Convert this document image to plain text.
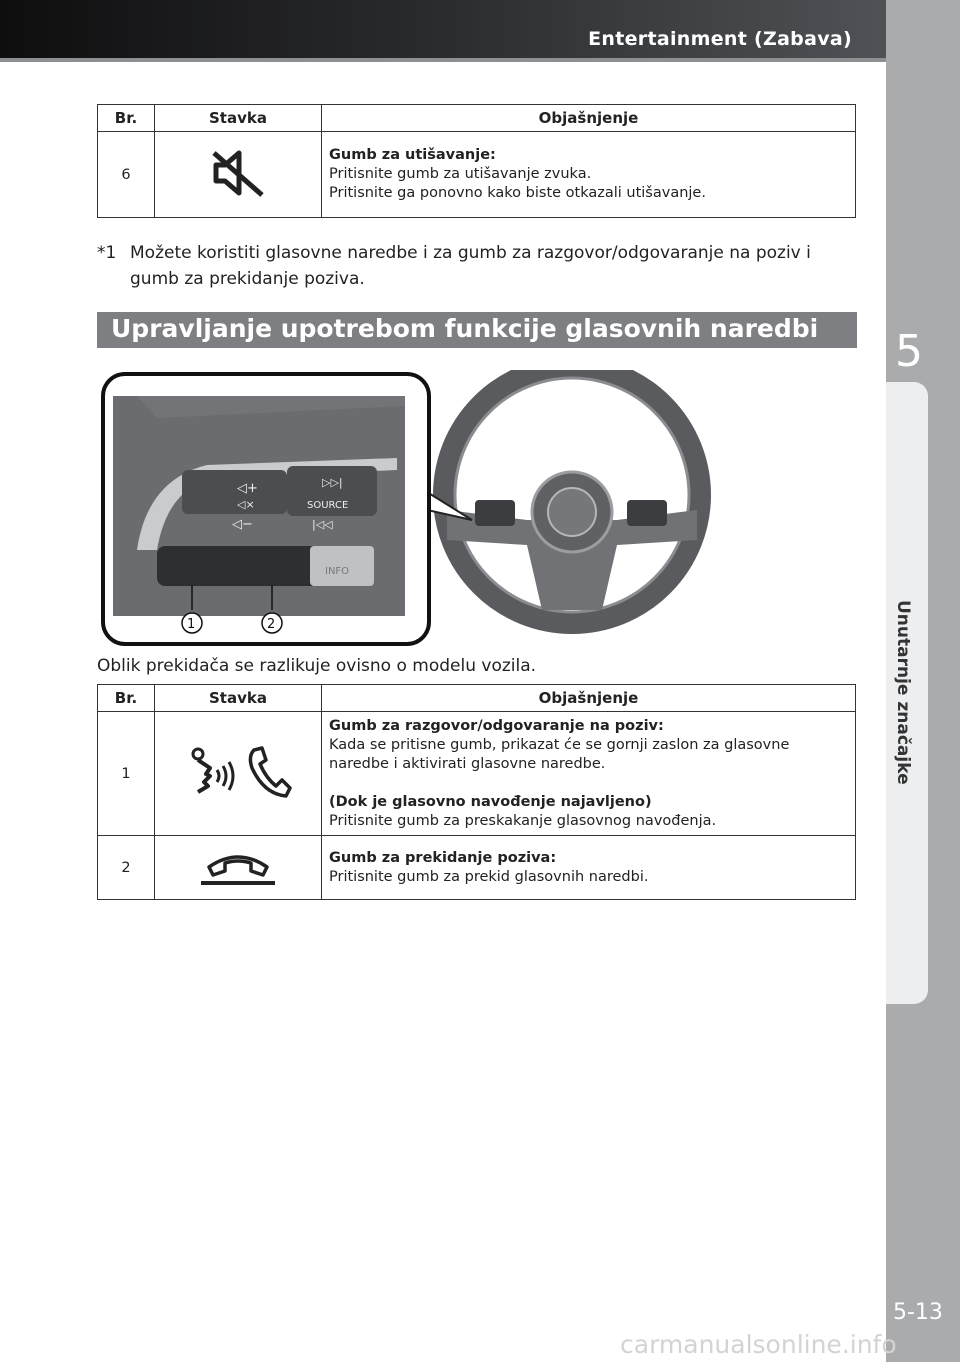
Entertainment (Zabava)
5
Unutarnje značajke
5-13
Br.	Stavka	Objašnjenje
6		Gumb za utišavanje:
Pritisnite gumb za utišavanje zvuka.
Pritisnite ga ponovno kako biste otkazali utišavanje.
*1 Možete koristiti glasovne naredbe i za gumb za razgovor/odgovaranje na poziv i gumb za prekidanje poziva.
Upravljanje upotrebom funkcije glasovnih naredbi
◁+
◁×
◁−
▷▷|
SOURCE
|◁◁
INFO
1	2
Oblik prekidača se razlikuje ovisno o modelu vozila.
Br.	Stavka	Objašnjenje
1		Gumb za razgovor/odgovaranje na poziv:
Kada se pritisne gumb, prikazat će se gornji zaslon za glasovne
naredbe i aktivirati glasovne naredbe.
(Dok je glasovno navođenje najavljeno)
Pritisnite gumb za preskakanje glasovnog navođenja.

2		Gumb za prekidanje poziva:
Pritisnite gumb za prekid glasovnih naredbi.
carmanualsonline.info
